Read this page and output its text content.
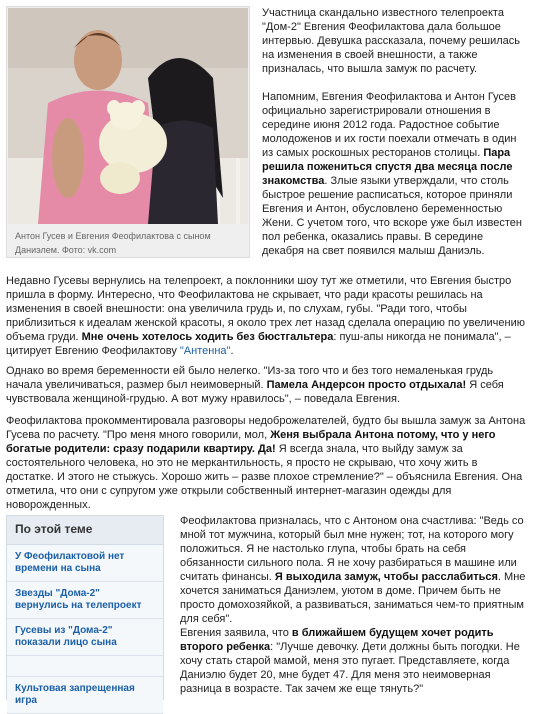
Антон Гусев и Евгения Феофилактова с сыном Даниэлем. Фото: vk.com

Участница скандально известного телепроекта "Дом-2" Евгения Феофилактова дала большое интервью. Девушка рассказала, почему решилась на изменения в своей внешности, а также призналась, что вышла замуж по расчету.

Напомним, Евгения Феофилактова и Антон Гусев официально зарегистрировали отношения в середине июня 2012 года. Радостное событие молодоженов и их гости поехали отмечать в один из самых роскошных ресторанов столицы. Пара решила пожениться спустя два месяца после знакомства. Злые языки утверждали, что столь быстрое решение расписаться, которое приняли Евгения и Антон, обусловлено беременностью Жени. С учетом того, что вскоре уже был известен пол ребенка, оказались правы. В середине декабря на свет появился малыш Даниэль.

Недавно Гусевы вернулись на телепроект, а поклонники шоу тут же отметили, что Евгения быстро пришла в форму. Интересно, что Феофилактова не скрывает, что ради красоты решилась на изменения в своей внешности: она увеличила грудь и, по слухам, губы. "Ради того, чтобы приблизиться к идеалам женской красоты, я около трех лет назад сделала операцию по увеличению объема груди. Мне очень хотелось ходить без бюстгальтера: пуш-апы никогда не понимала", – цитирует Евгению Феофилактову "Антенна".

Однако во время беременности ей было нелегко. "Из-за того что и без того немаленькая грудь начала увеличиваться, размер был неимоверный. Памела Андерсон просто отдыхала! Я себя чувствовала женщиной-грудью. А вот мужу нравилось", – поведала Евгения.

Феофилактова прокомментировала разговоры недоброжелателей, будто бы вышла замуж за Антона Гусева по расчету. "Про меня много говорили, мол, Женя выбрала Антона потому, что у него богатые родители: сразу подарили квартиру. Да! Я всегда знала, что выйду замуж за состоятельного человека, но это не меркантильность, я просто не скрываю, что хочу жить в достатке. И этого не стыжусь. Хорошо жить – разве плохое стремление?" – объяснила Евгения. Она отметила, что они с супругом уже открыли собственный интернет-магазин одежды для новорожденных.

По этой теме
У Феофилактовой нет времени на сына
Звезды "Дома-2" вернулись на телепроект
Гусевы из "Дома-2" показали лицо сына
Культовая запрещенная игра

Феофилактова призналась, что с Антоном она счастлива: "Ведь со мной тот мужчина, который был мне нужен; тот, на которого могу положиться. Я не настолько глупа, чтобы брать на себя обязанности сильного пола. Я не хочу разбираться в машине или считать финансы. Я выходила замуж, чтобы расслабиться. Мне хочется заниматься Даниэлем, уютом в доме. Причем быть не просто домохозяйкой, а развиваться, заниматься чем-то приятным для себя".

Евгения заявила, что в ближайшем будущем хочет родить второго ребенка: "Лучше девочку. Дети должны быть погодки. Не хочу стать старой мамой, меня это пугает. Представляете, когда Даниэлю будет 20, мне будет 47. Для меня это неимоверная разница в возрасте. Так зачем же еще тянуть?"
